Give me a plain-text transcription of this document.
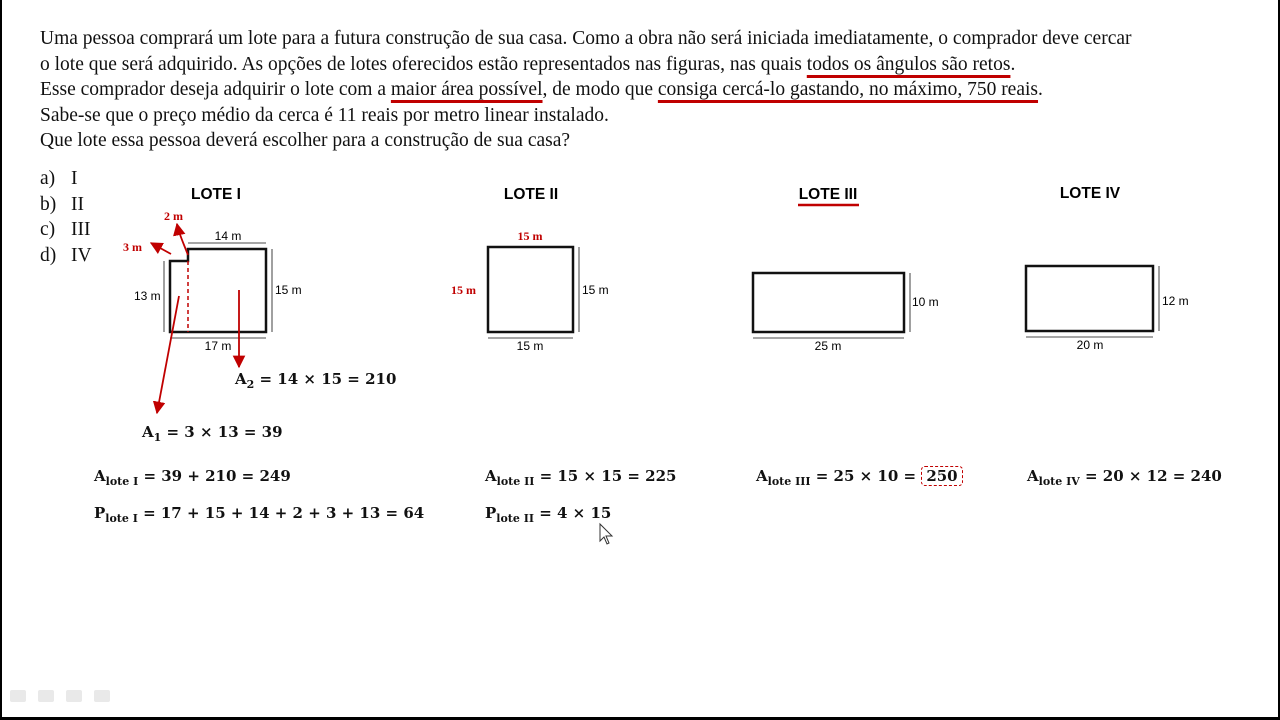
Uma pessoa comprará um lote para a futura construção de sua casa. Como a obra não será iniciada imediatamente, o comprador deve cercar
o lote que será adquirido. As opções de lotes oferecidos estão representados nas figuras, nas quais todos os ângulos são retos.
Esse comprador deseja adquirir o lote com a maior área possível, de modo que consiga cercá-lo gastando, no máximo, 750 reais.
Sabe-se que o preço médio da cerca é 11 reais por metro linear instalado.
Que lote essa pessoa deverá escolher para a construção de sua casa?
a) I
b) II
c) III
d) IV
LOTE I
14 m
15 m
13 m
17 m
2 m
3 m
LOTE II
15 m
15 m
15 m
15 m
LOTE III
10 m
25 m
LOTE IV
12 m
20 m
$A_2 = 14 \times 15 = 210$
$A_1 = 3 \times 13 = 39$
$A_{lote I} = 39 + 210 = 249$
$P_{lote I} = 17 + 15 + 14 + 2 + 3 + 13 = 64$
$A_{lote II} = 15 \times 15 = 225$
$P_{lote II} = 4 \times 15$
$A_{lote III} = 25 \times 10 = 250$	$A_{lote IV} = 20 \times 12 = 240$
